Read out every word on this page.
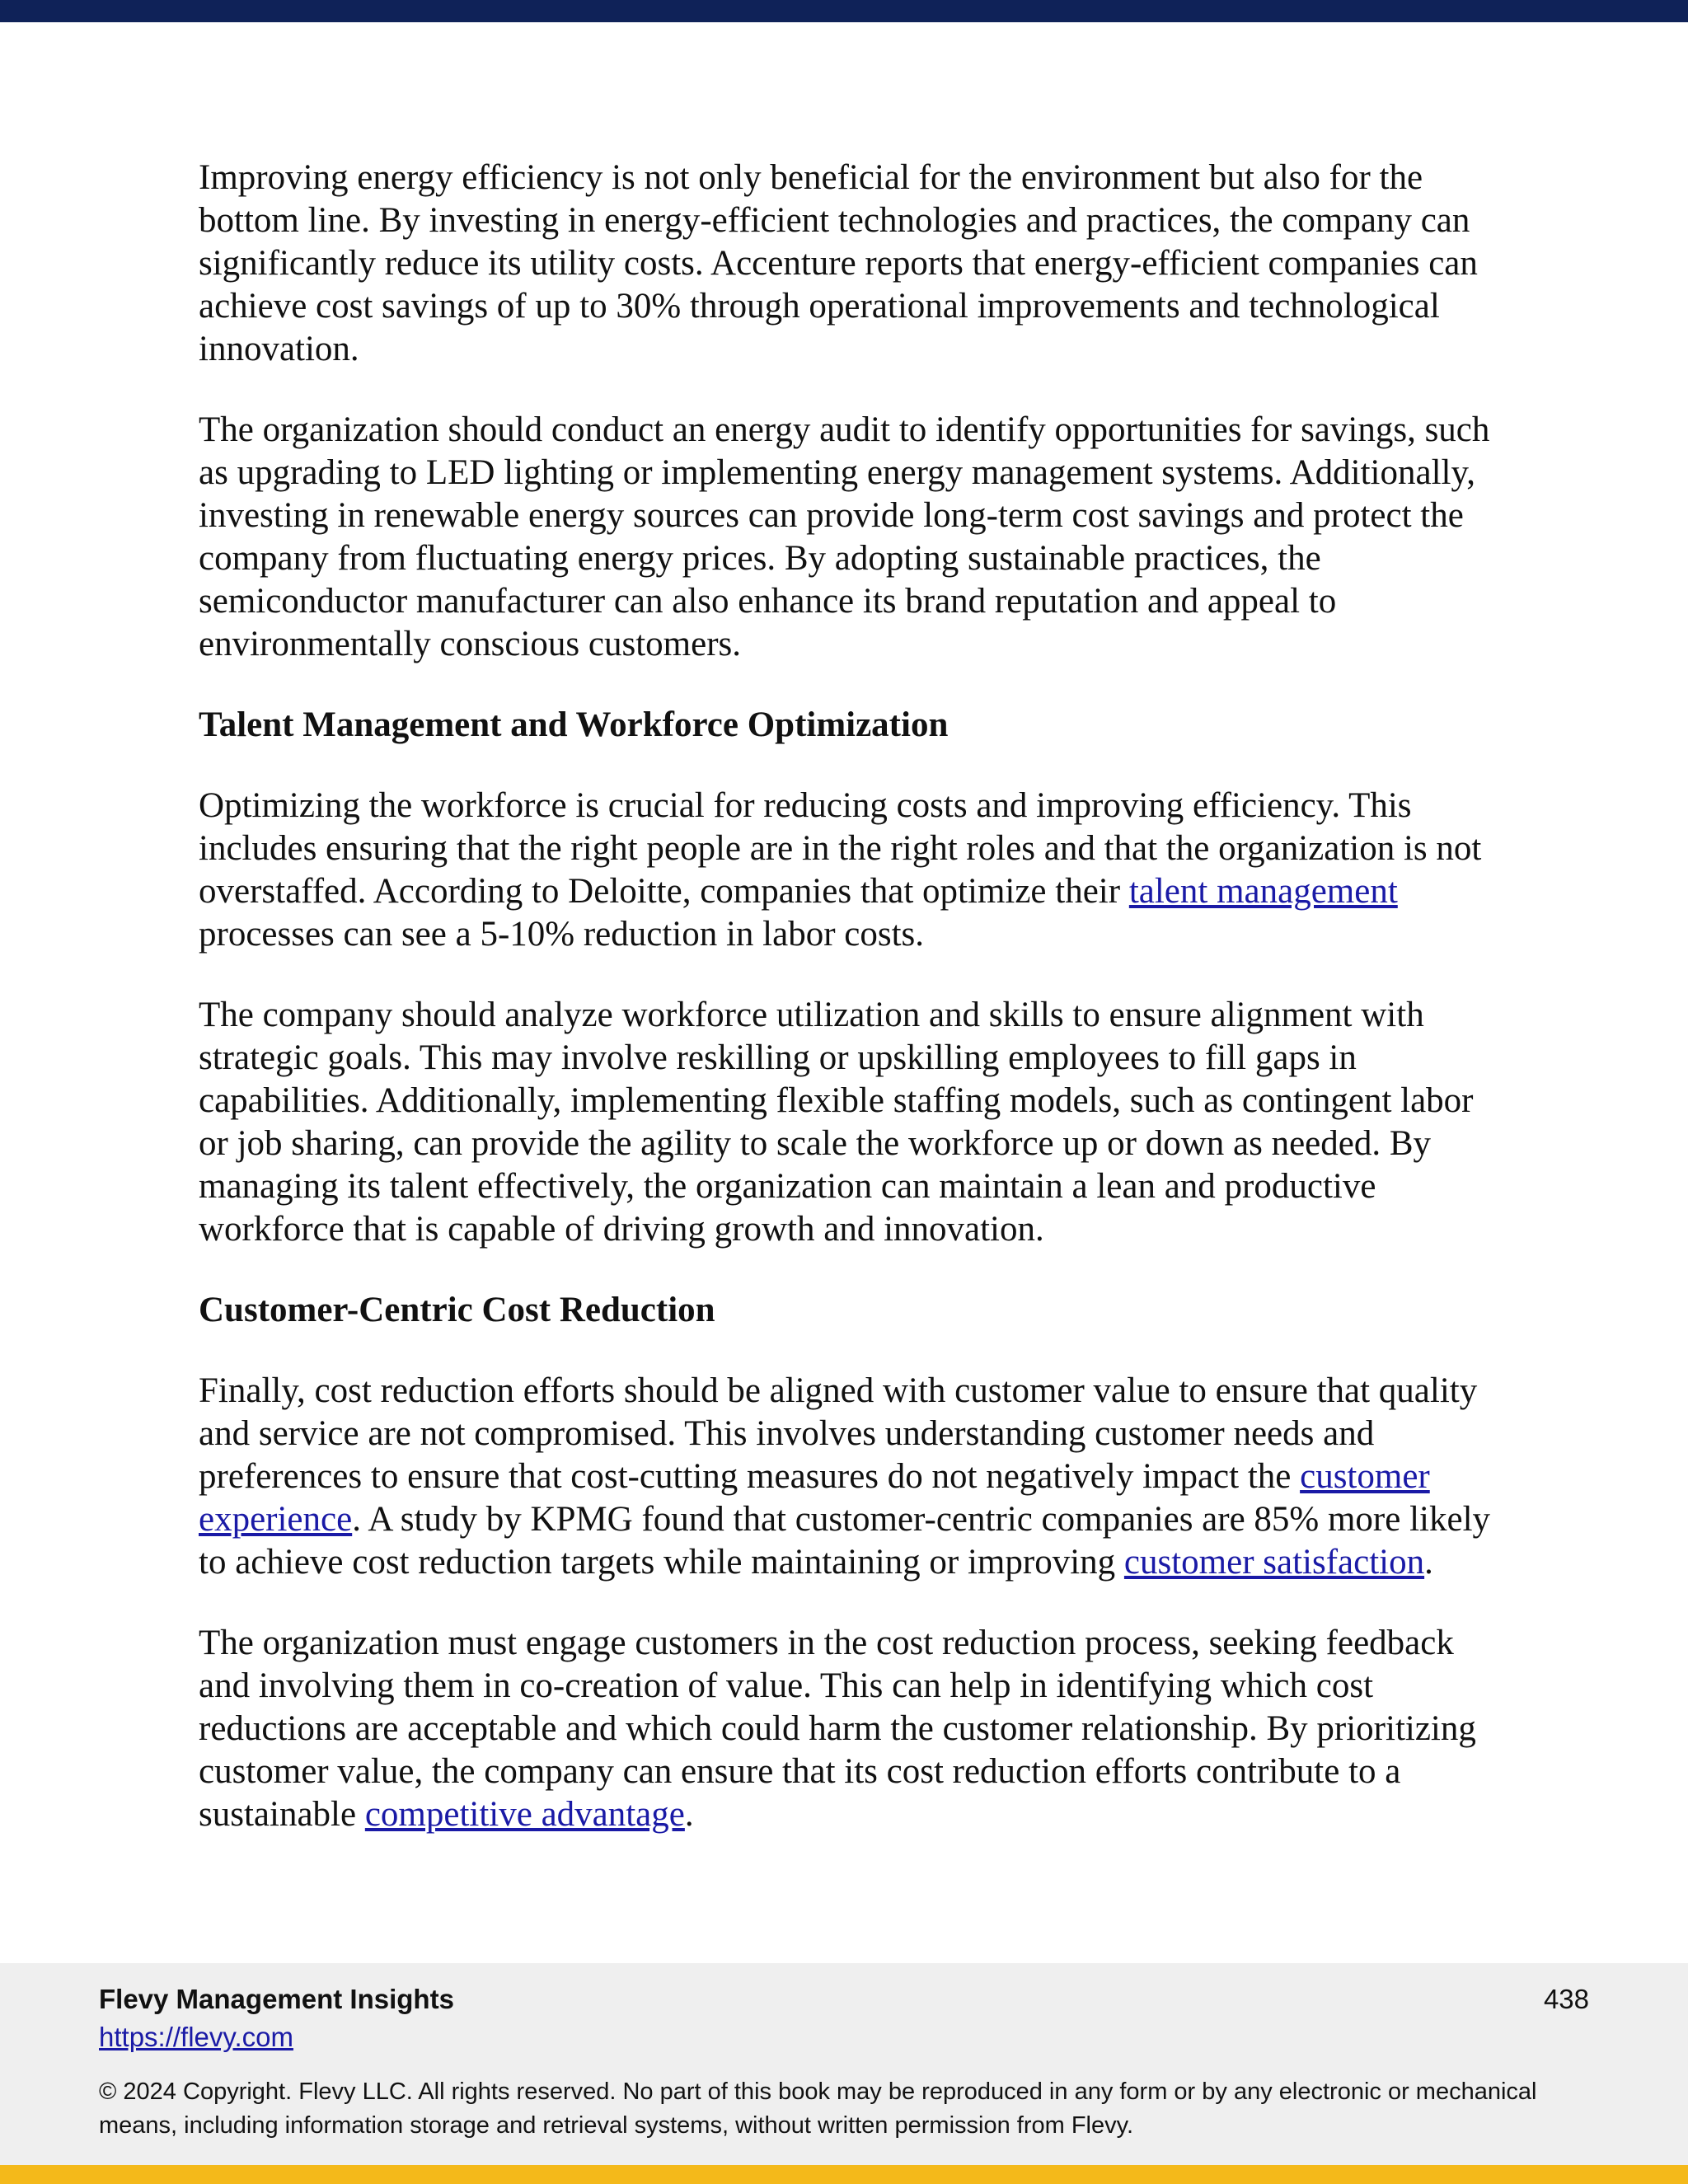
Improving energy efficiency is not only beneficial for the environment but also for the bottom line. By investing in energy-efficient technologies and practices, the company can significantly reduce its utility costs. Accenture reports that energy-efficient companies can achieve cost savings of up to 30% through operational improvements and technological innovation.

The organization should conduct an energy audit to identify opportunities for savings, such as upgrading to LED lighting or implementing energy management systems. Additionally, investing in renewable energy sources can provide long-term cost savings and protect the company from fluctuating energy prices. By adopting sustainable practices, the semiconductor manufacturer can also enhance its brand reputation and appeal to environmentally conscious customers.

Talent Management and Workforce Optimization

Optimizing the workforce is crucial for reducing costs and improving efficiency. This includes ensuring that the right people are in the right roles and that the organization is not overstaffed. According to Deloitte, companies that optimize their talent management processes can see a 5-10% reduction in labor costs.

The company should analyze workforce utilization and skills to ensure alignment with strategic goals. This may involve reskilling or upskilling employees to fill gaps in capabilities. Additionally, implementing flexible staffing models, such as contingent labor or job sharing, can provide the agility to scale the workforce up or down as needed. By managing its talent effectively, the organization can maintain a lean and productive workforce that is capable of driving growth and innovation.

Customer-Centric Cost Reduction

Finally, cost reduction efforts should be aligned with customer value to ensure that quality and service are not compromised. This involves understanding customer needs and preferences to ensure that cost-cutting measures do not negatively impact the customer experience. A study by KPMG found that customer-centric companies are 85% more likely to achieve cost reduction targets while maintaining or improving customer satisfaction.

The organization must engage customers in the cost reduction process, seeking feedback and involving them in co-creation of value. This can help in identifying which cost reductions are acceptable and which could harm the customer relationship. By prioritizing customer value, the company can ensure that its cost reduction efforts contribute to a sustainable competitive advantage.

Flevy Management Insights
https://flevy.com
438
© 2024 Copyright. Flevy LLC. All rights reserved. No part of this book may be reproduced in any form or by any electronic or mechanical means, including information storage and retrieval systems, without written permission from Flevy.
